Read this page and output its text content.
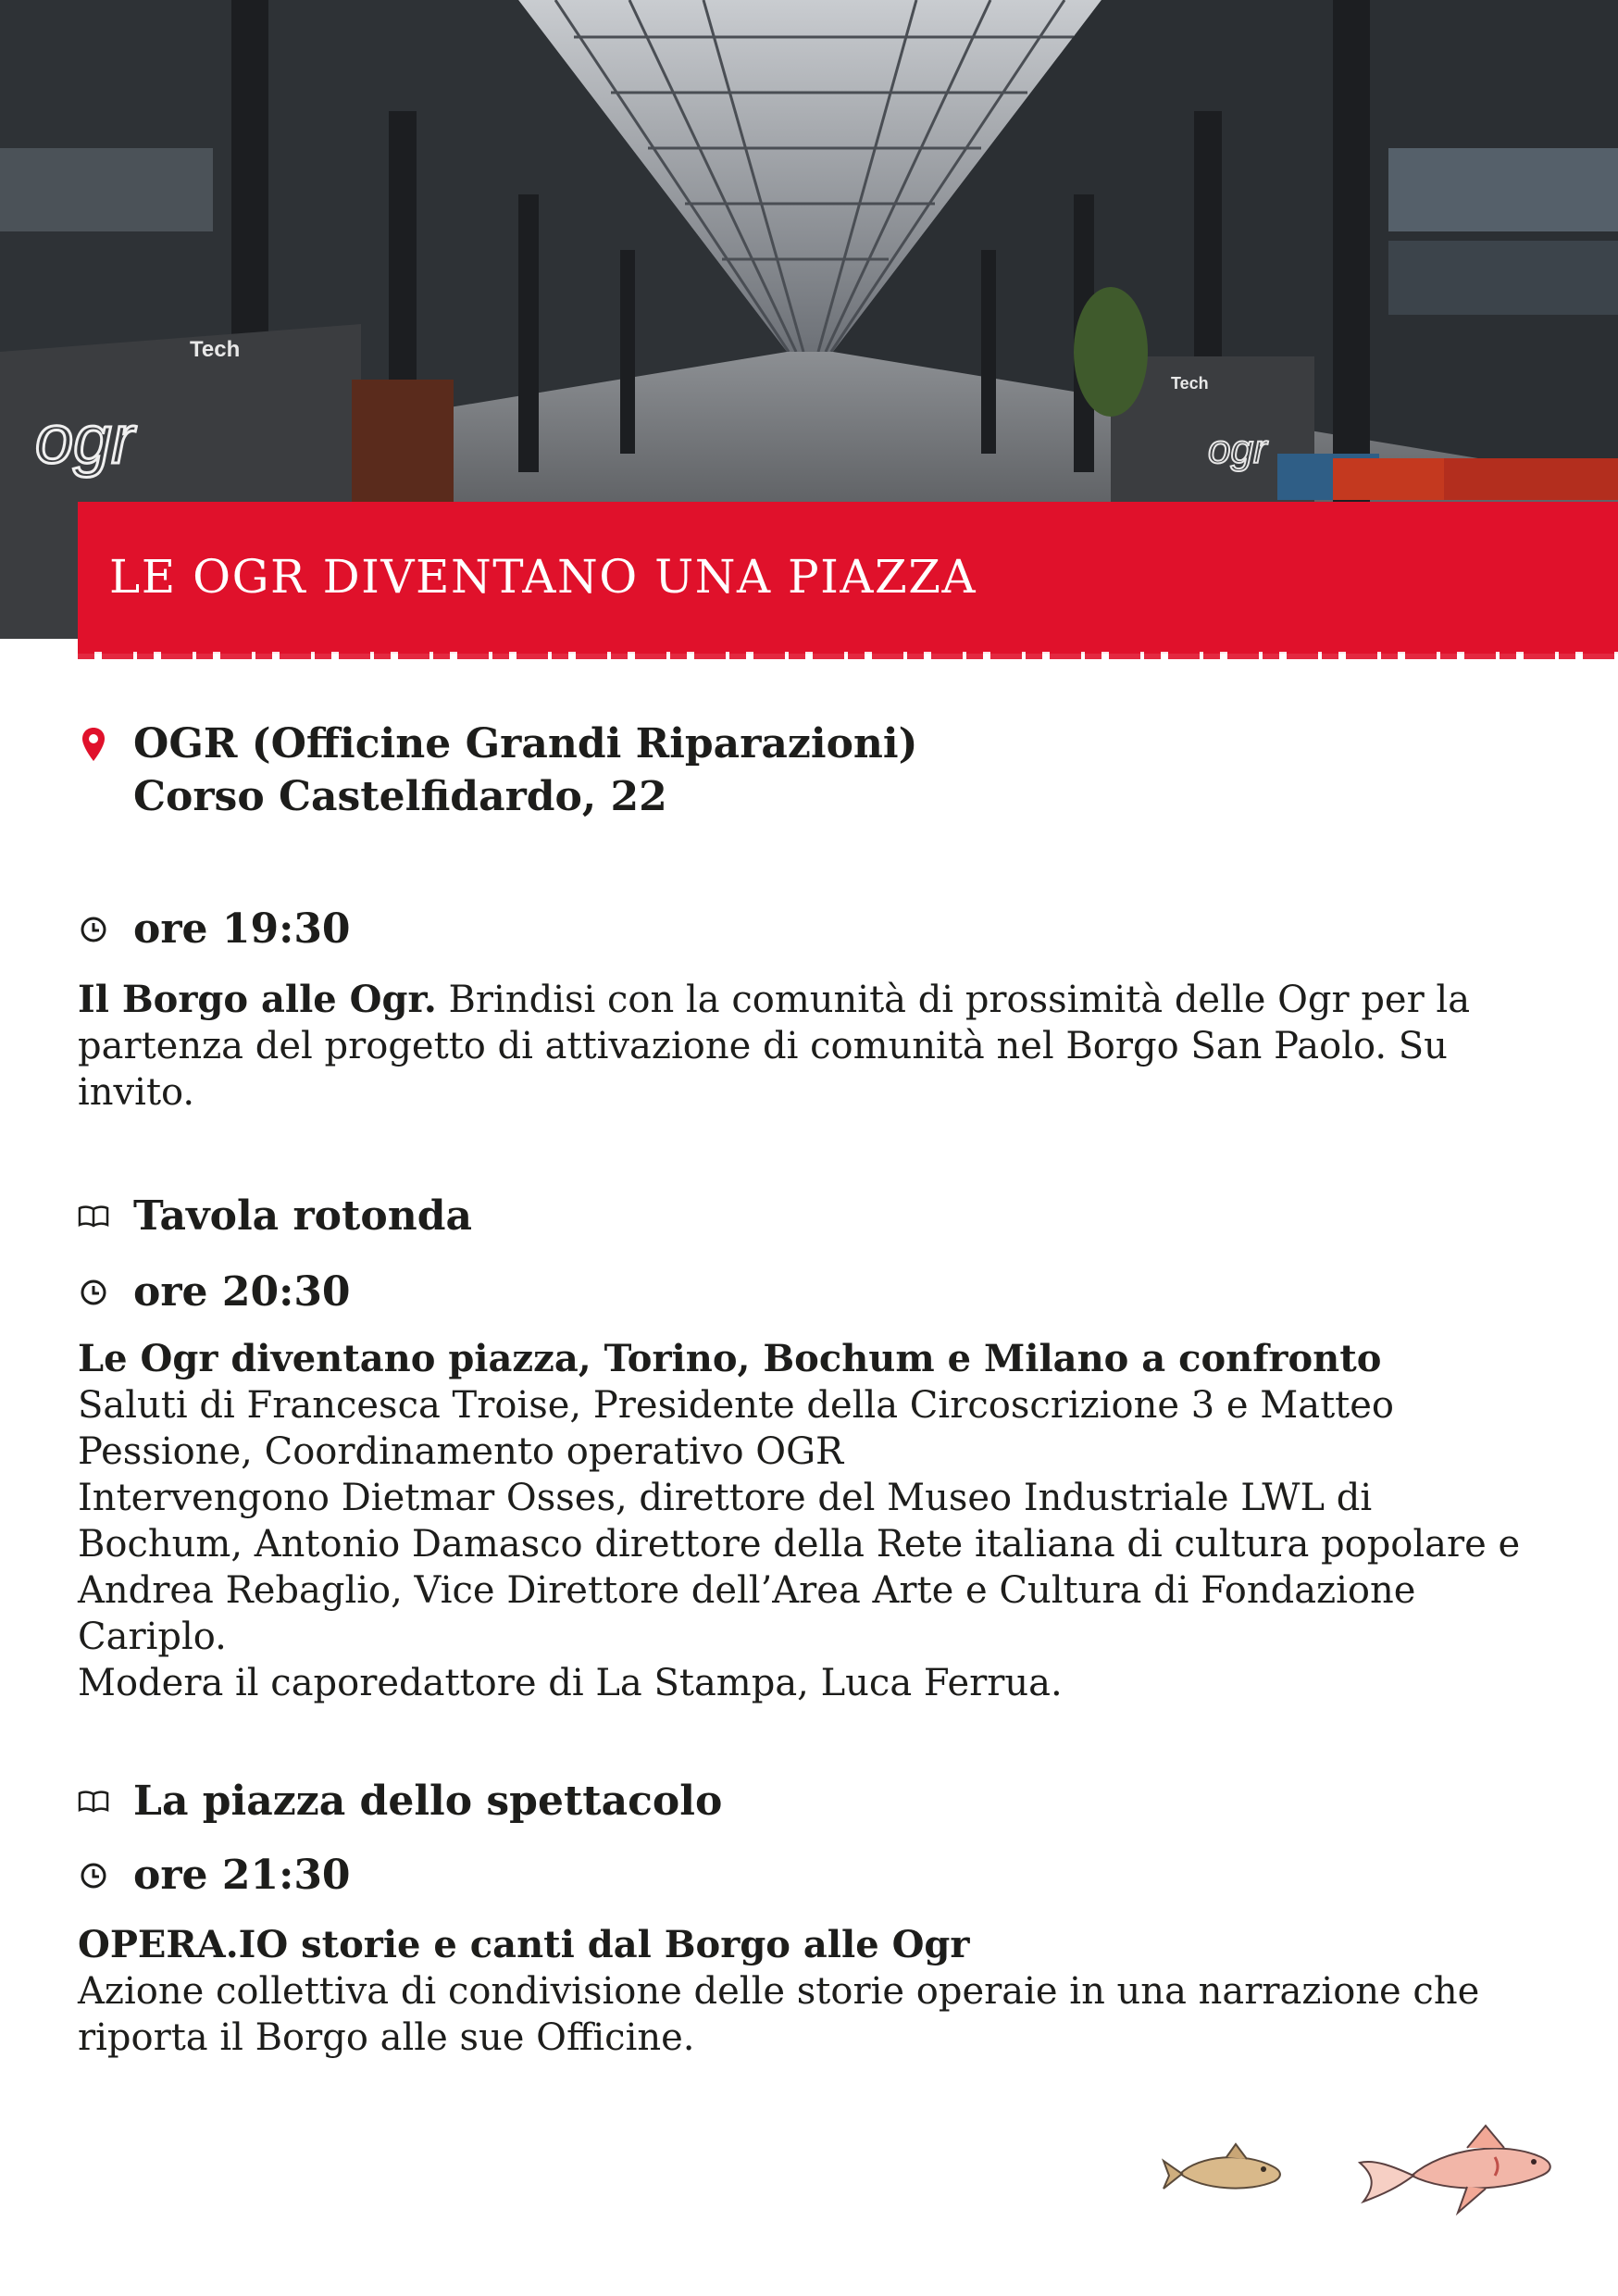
Tech
Tech
ogr	ogr
LE OGR DIVENTANO UNA PIAZZA
OGR (Officine Grandi Riparazioni)
Corso Castelfidardo, 22
ore 19:30
Il Borgo alle Ogr. Brindisi con la comunità di prossimità delle Ogr per la
partenza del progetto di attivazione di comunità nel Borgo San Paolo. Su
invito.
Tavola rotonda
ore 20:30
Le Ogr diventano piazza, Torino, Bochum e Milano a confronto
Saluti di Francesca Troise, Presidente della Circoscrizione 3 e Matteo
Pessione, Coordinamento operativo OGR
Intervengono Dietmar Osses, direttore del Museo Industriale LWL di
Bochum, Antonio Damasco direttore della Rete italiana di cultura popolare e
Andrea Rebaglio, Vice Direttore dell’Area Arte e Cultura di Fondazione
Cariplo.
Modera il caporedattore di La Stampa, Luca Ferrua.
La piazza dello spettacolo
ore 21:30
OPERA.IO storie e canti dal Borgo alle Ogr
Azione collettiva di condivisione delle storie operaie in una narrazione che
riporta il Borgo alle sue Officine.
